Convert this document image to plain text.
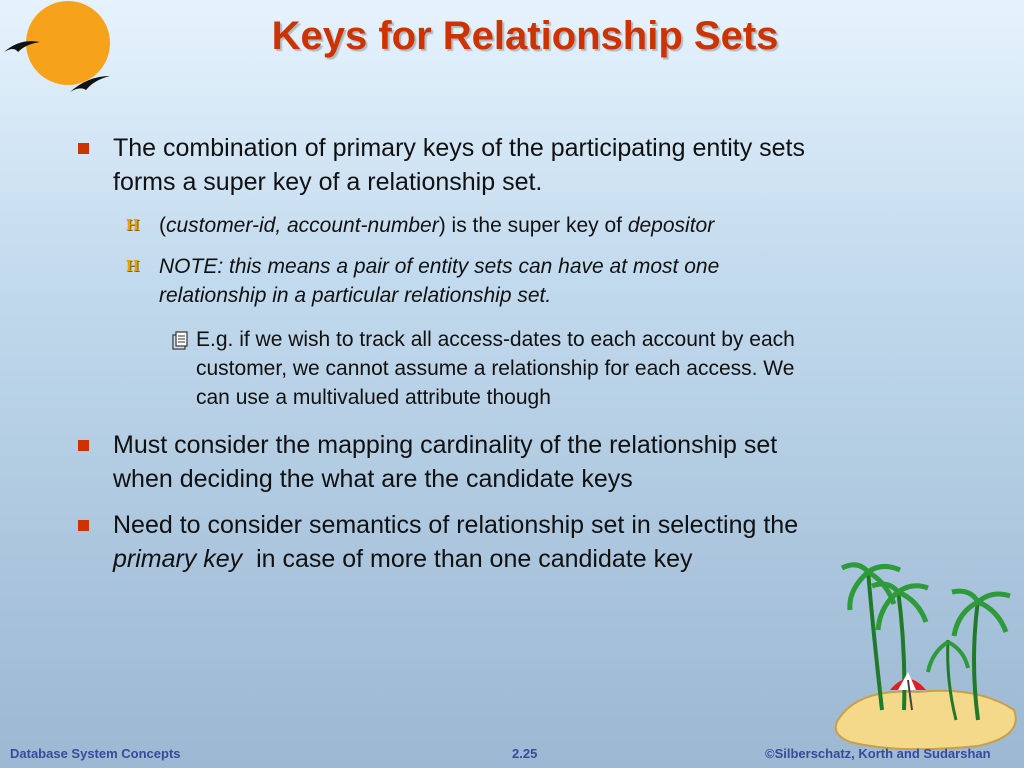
Keys for Relationship Sets
The combination of primary keys of the participating entity sets
forms a super key of a relationship set.
H (customer-id, account-number) is the super key of depositor
H NOTE: this means a pair of entity sets can have at most one
relationship in a particular relationship set.
E.g. if we wish to track all access-dates to each account by each
customer, we cannot assume a relationship for each access. We
can use a multivalued attribute though
Must consider the mapping cardinality of the relationship set
when deciding the what are the candidate keys
Need to consider semantics of relationship set in selecting the
primary key  in case of more than one candidate key
Database System Concepts	2.25	©Silberschatz, Korth and Sudarshan
